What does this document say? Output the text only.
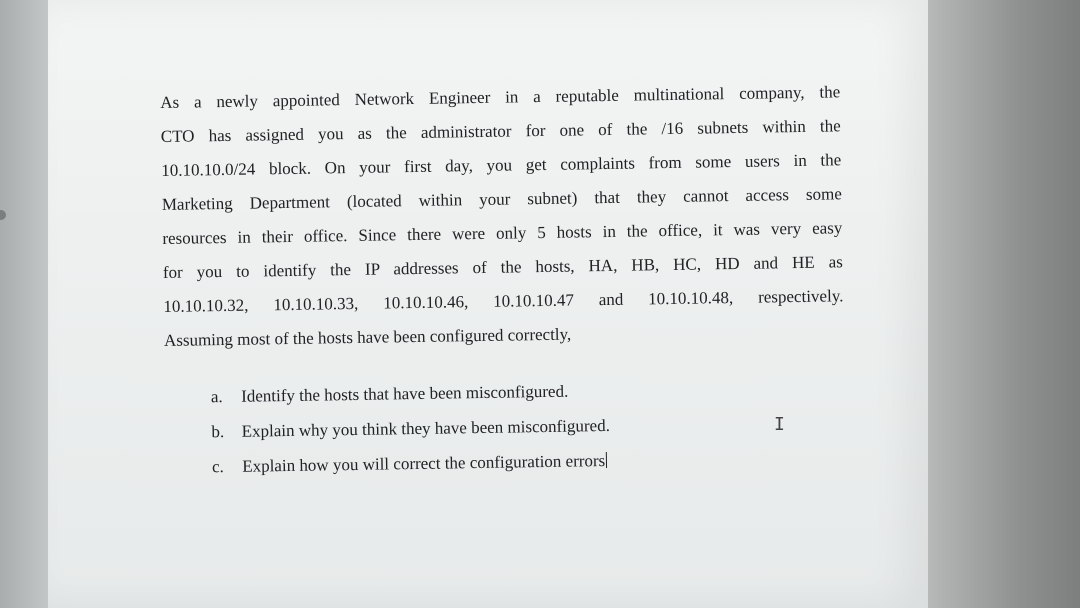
As a newly appointed Network Engineer in a reputable multinational company, the
CTO has assigned you as the administrator for one of the /16 subnets within the
10.10.10.0/24 block. On your first day, you get complaints from some users in the
Marketing Department (located within your subnet) that they cannot access some
resources in their office. Since there were only 5 hosts in the office, it was very easy
for you to identify the IP addresses of the hosts, HA, HB, HC, HD and HE as
10.10.10.32, 10.10.10.33, 10.10.10.46, 10.10.10.47 and 10.10.10.48, respectively.
Assuming most of the hosts have been configured correctly,
a. Identify the hosts that have been misconfigured.
b. Explain why you think they have been misconfigured.
c. Explain how you will correct the configuration errors
I
